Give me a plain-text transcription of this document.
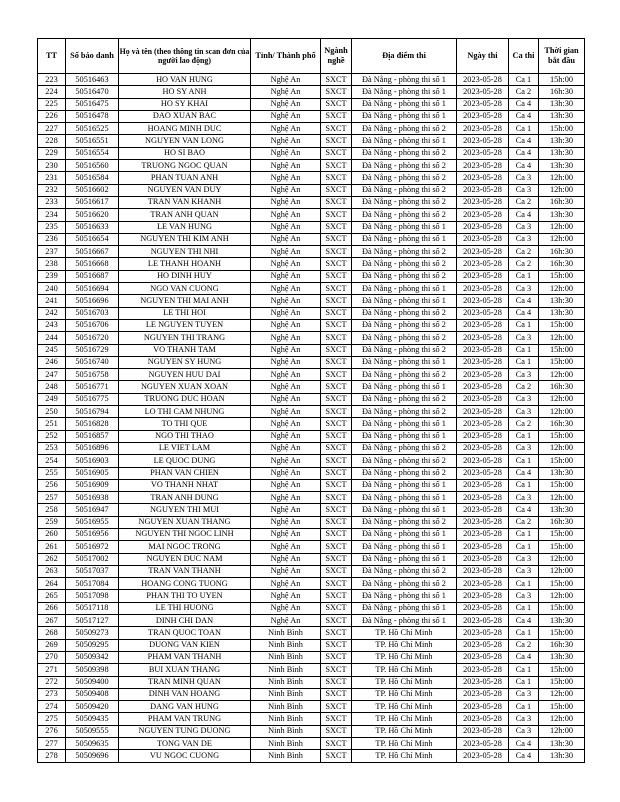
TT	Số báo danh	Họ và tên (theo thông tin scan đơn của người lao động)	Tỉnh/ Thành phố	Ngành nghề	Địa điểm thi	Ngày thi	Ca thi	Thời gian bắt đầu
223	50516463	HO VAN HUNG	Nghệ An	SXCT	Đà Nẵng - phòng thi số 1	2023-05-28	Ca 1	15h:00
224	50516470	HO SY ANH	Nghệ An	SXCT	Đà Nẵng - phòng thi số 1	2023-05-28	Ca 2	16h:30
225	50516475	HO SY KHAI	Nghệ An	SXCT	Đà Nẵng - phòng thi số 1	2023-05-28	Ca 4	13h:30
226	50516478	DAO XUAN BAC	Nghệ An	SXCT	Đà Nẵng - phòng thi số 1	2023-05-28	Ca 4	13h:30
227	50516525	HOANG MINH DUC	Nghệ An	SXCT	Đà Nẵng - phòng thi số 2	2023-05-28	Ca 1	15h:00
228	50516551	NGUYEN VAN LONG	Nghệ An	SXCT	Đà Nẵng - phòng thi số 1	2023-05-28	Ca 4	13h:30
229	50516554	HO SI BAO	Nghệ An	SXCT	Đà Nẵng - phòng thi số 2	2023-05-28	Ca 4	13h:30
230	50516560	TRUONG NGOC QUAN	Nghệ An	SXCT	Đà Nẵng - phòng thi số 2	2023-05-28	Ca 4	13h:30
231	50516584	PHAN TUAN ANH	Nghệ An	SXCT	Đà Nẵng - phòng thi số 2	2023-05-28	Ca 3	12h:00
232	50516602	NGUYEN VAN DUY	Nghệ An	SXCT	Đà Nẵng - phòng thi số 2	2023-05-28	Ca 3	12h:00
233	50516617	TRAN VAN KHANH	Nghệ An	SXCT	Đà Nẵng - phòng thi số 2	2023-05-28	Ca 2	16h:30
234	50516620	TRAN ANH QUAN	Nghệ An	SXCT	Đà Nẵng - phòng thi số 2	2023-05-28	Ca 4	13h:30
235	50516633	LE VAN HUNG	Nghệ An	SXCT	Đà Nẵng - phòng thi số 1	2023-05-28	Ca 3	12h:00
236	50516654	NGUYEN THI KIM ANH	Nghệ An	SXCT	Đà Nẵng - phòng thi số 1	2023-05-28	Ca 3	12h:00
237	50516667	NGUYEN THI NHI	Nghệ An	SXCT	Đà Nẵng - phòng thi số 2	2023-05-28	Ca 2	16h:30
238	50516668	LE THANH HOANH	Nghệ An	SXCT	Đà Nẵng - phòng thi số 2	2023-05-28	Ca 2	16h:30
239	50516687	HO DINH HUY	Nghệ An	SXCT	Đà Nẵng - phòng thi số 2	2023-05-28	Ca 1	15h:00
240	50516694	NGO VAN CUONG	Nghệ An	SXCT	Đà Nẵng - phòng thi số 1	2023-05-28	Ca 3	12h:00
241	50516696	NGUYEN THI MAI ANH	Nghệ An	SXCT	Đà Nẵng - phòng thi số 1	2023-05-28	Ca 4	13h:30
242	50516703	LE THI HOI	Nghệ An	SXCT	Đà Nẵng - phòng thi số 2	2023-05-28	Ca 4	13h:30
243	50516706	LE NGUYEN TUYEN	Nghệ An	SXCT	Đà Nẵng - phòng thi số 2	2023-05-28	Ca 1	15h:00
244	50516720	NGUYEN THI TRANG	Nghệ An	SXCT	Đà Nẵng - phòng thi số 2	2023-05-28	Ca 3	12h:00
245	50516729	VO THANH TAM	Nghệ An	SXCT	Đà Nẵng - phòng thi số 2	2023-05-28	Ca 1	15h:00
246	50516740	NGUYEN SY HUNG	Nghệ An	SXCT	Đà Nẵng - phòng thi số 1	2023-05-28	Ca 1	15h:00
247	50516758	NGUYEN HUU DAI	Nghệ An	SXCT	Đà Nẵng - phòng thi số 2	2023-05-28	Ca 3	12h:00
248	50516771	NGUYEN XUAN XOAN	Nghệ An	SXCT	Đà Nẵng - phòng thi số 1	2023-05-28	Ca 2	16h:30
249	50516775	TRUONG DUC HOAN	Nghệ An	SXCT	Đà Nẵng - phòng thi số 2	2023-05-28	Ca 3	12h:00
250	50516794	LO THI CAM NHUNG	Nghệ An	SXCT	Đà Nẵng - phòng thi số 2	2023-05-28	Ca 3	12h:00
251	50516828	TO THI QUE	Nghệ An	SXCT	Đà Nẵng - phòng thi số 1	2023-05-28	Ca 2	16h:30
252	50516857	NGO THI THAO	Nghệ An	SXCT	Đà Nẵng - phòng thi số 1	2023-05-28	Ca 1	15h:00
253	50516896	LE VIET LAM	Nghệ An	SXCT	Đà Nẵng - phòng thi số 2	2023-05-28	Ca 3	12h:00
254	50516903	LE QUOC DUNG	Nghệ An	SXCT	Đà Nẵng - phòng thi số 2	2023-05-28	Ca 1	15h:00
255	50516905	PHAN VAN CHIEN	Nghệ An	SXCT	Đà Nẵng - phòng thi số 2	2023-05-28	Ca 4	13h:30
256	50516909	VO THANH NHAT	Nghệ An	SXCT	Đà Nẵng - phòng thi số 1	2023-05-28	Ca 1	15h:00
257	50516938	TRAN ANH DUNG	Nghệ An	SXCT	Đà Nẵng - phòng thi số 1	2023-05-28	Ca 3	12h:00
258	50516947	NGUYEN THI MUI	Nghệ An	SXCT	Đà Nẵng - phòng thi số 1	2023-05-28	Ca 4	13h:30
259	50516955	NGUYEN XUAN THANG	Nghệ An	SXCT	Đà Nẵng - phòng thi số 2	2023-05-28	Ca 2	16h:30
260	50516956	NGUYEN THI NGOC LINH	Nghệ An	SXCT	Đà Nẵng - phòng thi số 1	2023-05-28	Ca 1	15h:00
261	50516972	MAI NGOC TRONG	Nghệ An	SXCT	Đà Nẵng - phòng thi số 1	2023-05-28	Ca 1	15h:00
262	50517002	NGUYEN DUC NAM	Nghệ An	SXCT	Đà Nẵng - phòng thi số 1	2023-05-28	Ca 3	12h:00
263	50517037	TRAN VAN THANH	Nghệ An	SXCT	Đà Nẵng - phòng thi số 2	2023-05-28	Ca 3	12h:00
264	50517084	HOANG CONG TUONG	Nghệ An	SXCT	Đà Nẵng - phòng thi số 2	2023-05-28	Ca 1	15h:00
265	50517098	PHAN THI TO UYEN	Nghệ An	SXCT	Đà Nẵng - phòng thi số 1	2023-05-28	Ca 3	12h:00
266	50517118	LE THI HUONG	Nghệ An	SXCT	Đà Nẵng - phòng thi số 1	2023-05-28	Ca 1	15h:00
267	50517127	DINH CHI DAN	Nghệ An	SXCT	Đà Nẵng - phòng thi số 1	2023-05-28	Ca 4	13h:30
268	50509273	TRAN QUOC TOAN	Ninh Bình	SXCT	TP. Hồ Chí Minh	2023-05-28	Ca 1	15h:00
269	50509295	DUONG VAN KIEN	Ninh Bình	SXCT	TP. Hồ Chí Minh	2023-05-28	Ca 2	16h:30
270	50509342	PHAM VAN THANH	Ninh Bình	SXCT	TP. Hồ Chí Minh	2023-05-28	Ca 4	13h:30
271	50509398	BUI XUAN THANG	Ninh Bình	SXCT	TP. Hồ Chí Minh	2023-05-28	Ca 1	15h:00
272	50509400	TRAN MINH QUAN	Ninh Bình	SXCT	TP. Hồ Chí Minh	2023-05-28	Ca 1	15h:00
273	50509408	DINH VAN HOANG	Ninh Bình	SXCT	TP. Hồ Chí Minh	2023-05-28	Ca 3	12h:00
274	50509420	DANG VAN HUNG	Ninh Bình	SXCT	TP. Hồ Chí Minh	2023-05-28	Ca 1	15h:00
275	50509435	PHAM VAN TRUNG	Ninh Bình	SXCT	TP. Hồ Chí Minh	2023-05-28	Ca 3	12h:00
276	50509555	NGUYEN TUNG DUONG	Ninh Bình	SXCT	TP. Hồ Chí Minh	2023-05-28	Ca 3	12h:00
277	50509635	TONG VAN DE	Ninh Bình	SXCT	TP. Hồ Chí Minh	2023-05-28	Ca 4	13h:30
278	50509696	VU NGOC CUONG	Ninh Bình	SXCT	TP. Hồ Chí Minh	2023-05-28	Ca 4	13h:30
